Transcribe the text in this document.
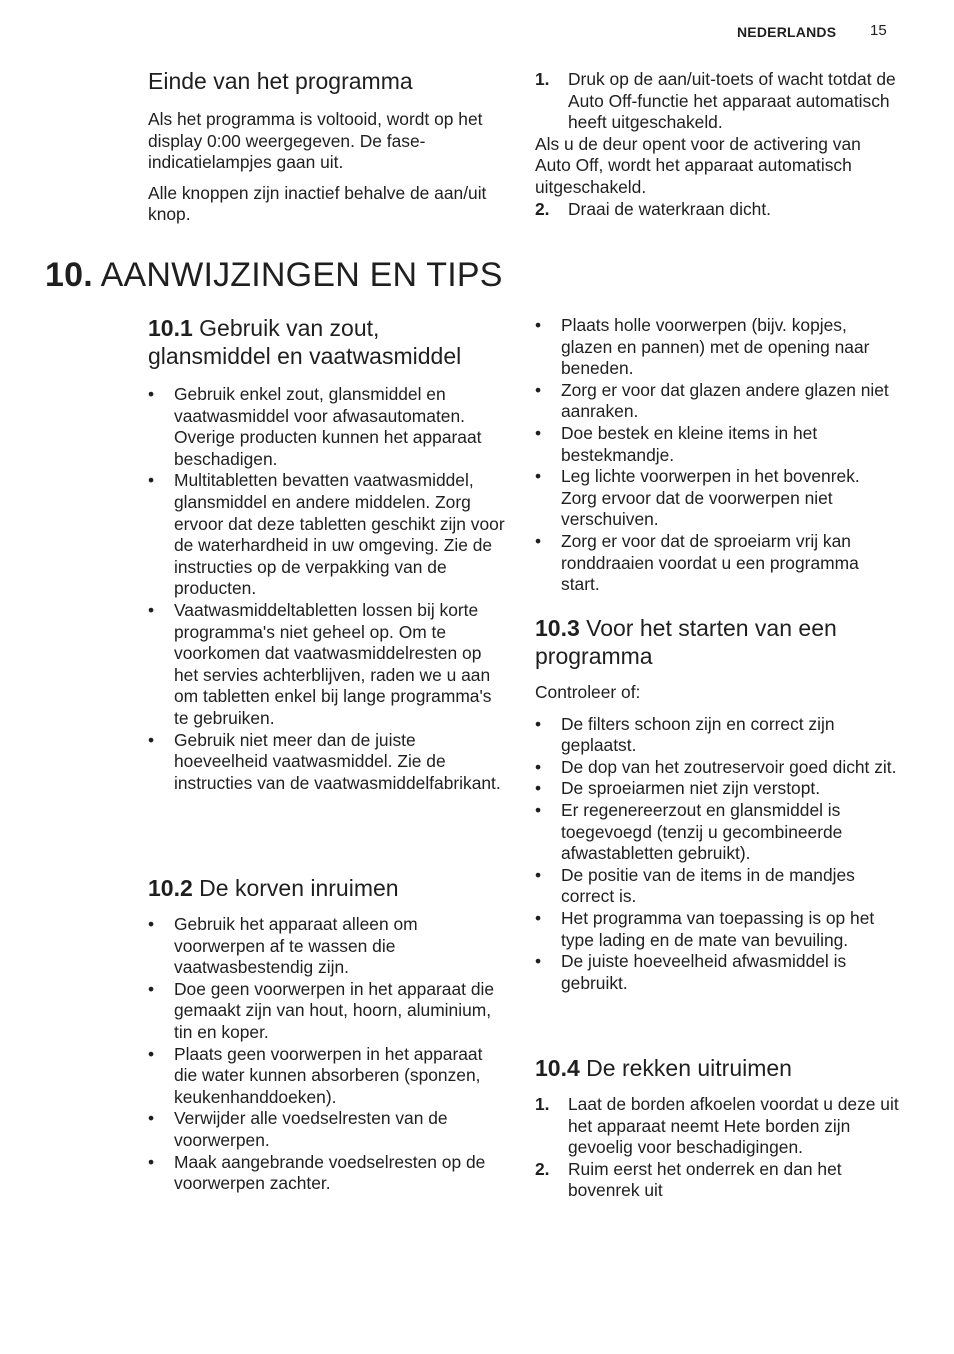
NEDERLANDS 15
Einde van het programma

Als het programma is voltooid, wordt op het display 0:00 weergegeven. De fase-indicatielampjes gaan uit.

Alle knoppen zijn inactief behalve de aan/uit knop.

1. Druk op de aan/uit-toets of wacht totdat de Auto Off-functie het apparaat automatisch heeft uitgeschakeld.

Als u de deur opent voor de activering van Auto Off, wordt het apparaat automatisch uitgeschakeld.

2. Draai de waterkraan dicht.
10. AANWIJZINGEN EN TIPS
10.1 Gebruik van zout,
glansmiddel en vaatwasmiddel
• Gebruik enkel zout, glansmiddel en vaatwasmiddel voor afwasautomaten. Overige producten kunnen het apparaat beschadigen.
• Multitabletten bevatten vaatwasmiddel, glansmiddel en andere middelen. Zorg ervoor dat deze tabletten geschikt zijn voor de waterhardheid in uw omgeving. Zie de instructies op de verpakking van de producten.
• Vaatwasmiddeltabletten lossen bij korte programma's niet geheel op. Om te voorkomen dat vaatwasmiddelresten op het servies achterblijven, raden we u aan om tabletten enkel bij lange programma's te gebruiken.
• Gebruik niet meer dan de juiste hoeveelheid vaatwasmiddel. Zie de instructies van de vaatwasmiddelfabrikant.
10.2 De korven inruimen
• Gebruik het apparaat alleen om voorwerpen af te wassen die vaatwasbestendig zijn.
• Doe geen voorwerpen in het apparaat die gemaakt zijn van hout, hoorn, aluminium, tin en koper.
• Plaats geen voorwerpen in het apparaat die water kunnen absorberen (sponzen, keukenhanddoeken).
• Verwijder alle voedselresten van de voorwerpen.
• Maak aangebrande voedselresten op de voorwerpen zachter.
• Plaats holle voorwerpen (bijv. kopjes, glazen en pannen) met de opening naar beneden.
• Zorg er voor dat glazen andere glazen niet aanraken.
• Doe bestek en kleine items in het bestekmandje.
• Leg lichte voorwerpen in het bovenrek. Zorg ervoor dat de voorwerpen niet verschuiven.
• Zorg er voor dat de sproeiarm vrij kan ronddraaien voordat u een programma start.
10.3 Voor het starten van een
programma

Controleer of:

• De filters schoon zijn en correct zijn geplaatst.
• De dop van het zoutreservoir goed dicht zit.
• De sproeiarmen niet zijn verstopt.
• Er regenereerzout en glansmiddel is toegevoegd (tenzij u gecombineerde afwastabletten gebruikt).
• De positie van de items in de mandjes correct is.
• Het programma van toepassing is op het type lading en de mate van bevuiling.
• De juiste hoeveelheid afwasmiddel is gebruikt.
10.4 De rekken uitruimen
1. Laat de borden afkoelen voordat u deze uit het apparaat neemt Hete borden zijn gevoelig voor beschadigingen.
2. Ruim eerst het onderrek en dan het bovenrek uit
